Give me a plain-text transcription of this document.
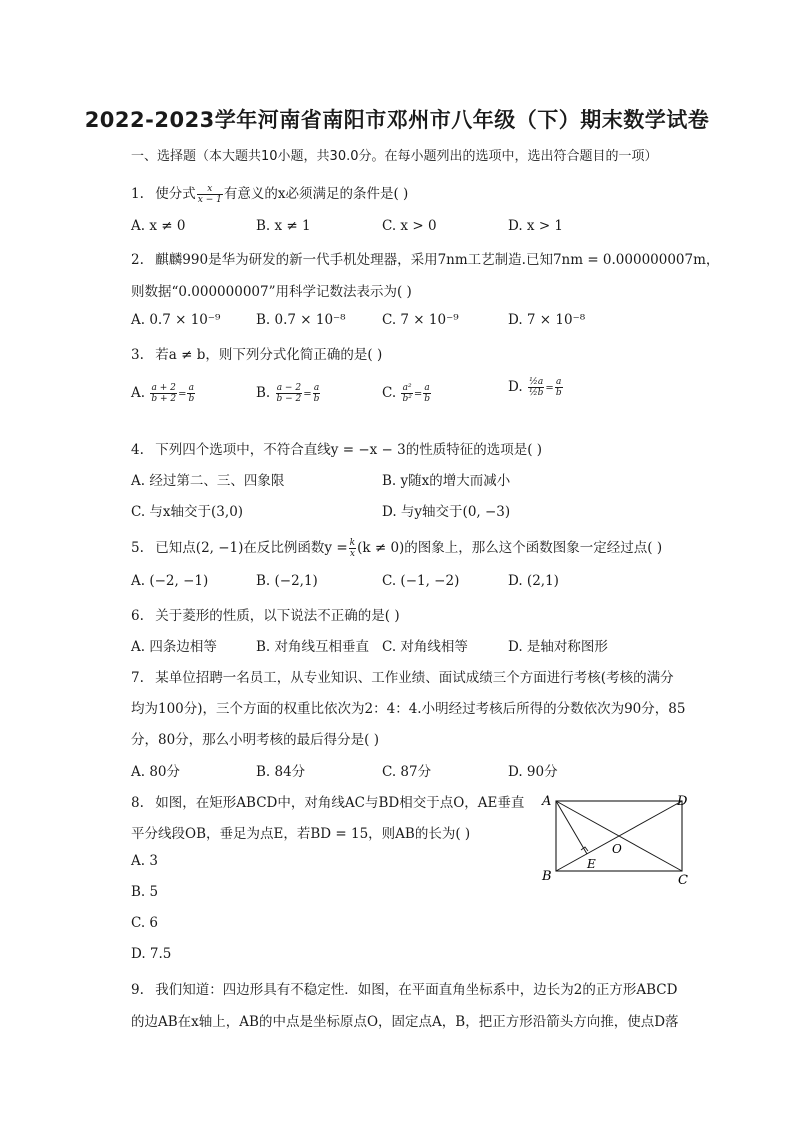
2022-2023学年河南省南阳市邓州市八年级（下）期末数学试卷
一、选择题（本大题共10小题，共30.0分。在每小题列出的选项中，选出符合题目的一项）
1. 使分式 $\frac{x}{x - 1}$ 有意义的x必须满足的条件是( )
A. x ≠ 0	B. x ≠ 1	C. x > 0	D. x > 1
2. 麒麟990是华为研发的新一代手机处理器，采用7nm工艺制造.已知7nm = 0.000000007m，
则数据“0.000000007”用科学记数法表示为( )
A. 0.7 × 10⁻⁹	B. 0.7 × 10⁻⁸	C. 7 × 10⁻⁹	D. 7 × 10⁻⁸
3. 若a ≠ b，则下列分式化简正确的是( )
A. $\frac{a + 2}{b + 2} = \frac{a}{b}$	B. $\frac{a - 2}{b - 2} = \frac{a}{b}$	C. $\frac{\text{a²}}{\text{b²}} = \frac{a}{b}$	D. $\frac{\text{½a}}{\text{½b}} = \frac{a}{b}$
4. 下列四个选项中，不符合直线y = −x − 3的性质特征的选项是( )
A. 经过第二、三、四象限	B. y随x的增大而减小
C. 与x轴交于(3,0)	D. 与y轴交于(0, −3)
5. 已知点(2, −1)在反比例函数$y = \frac{k}{x} (k \ne 0)$的图象上，那么这个函数图象一定经过点( )
A. (−2, −1)	B. (−2,1)	C. (−1, −2)	D. (2,1)
6. 关于菱形的性质，以下说法不正确的是( )
A. 四条边相等	B. 对角线互相垂直 C. 对角线相等	D. 是轴对称图形
7. 某单位招聘一名员工，从专业知识、工作业绩、面试成绩三个方面进行考核(考核的满分
均为100分)，三个方面的权重比依次为2：4：4.小明经过考核后所得的分数依次为90分，85
分，80分，那么小明考核的最后得分是( )
A. 80分	B. 84分	C. 87分	D. 90分
8. 如图，在矩形ABCD中，对角线AC与BD相交于点O，AE垂直
平分线段OB，垂足为点E，若BD = 15，则AB的长为( )
A. 3
B. 5
C. 6
D. 7.5
A
B	C
D
E
O
9. 我们知道：四边形具有不稳定性．如图，在平面直角坐标系中，边长为2的正方形ABCD
的边AB在x轴上，AB的中点是坐标原点O，固定点A，B，把正方形沿箭头方向推，使点D落
